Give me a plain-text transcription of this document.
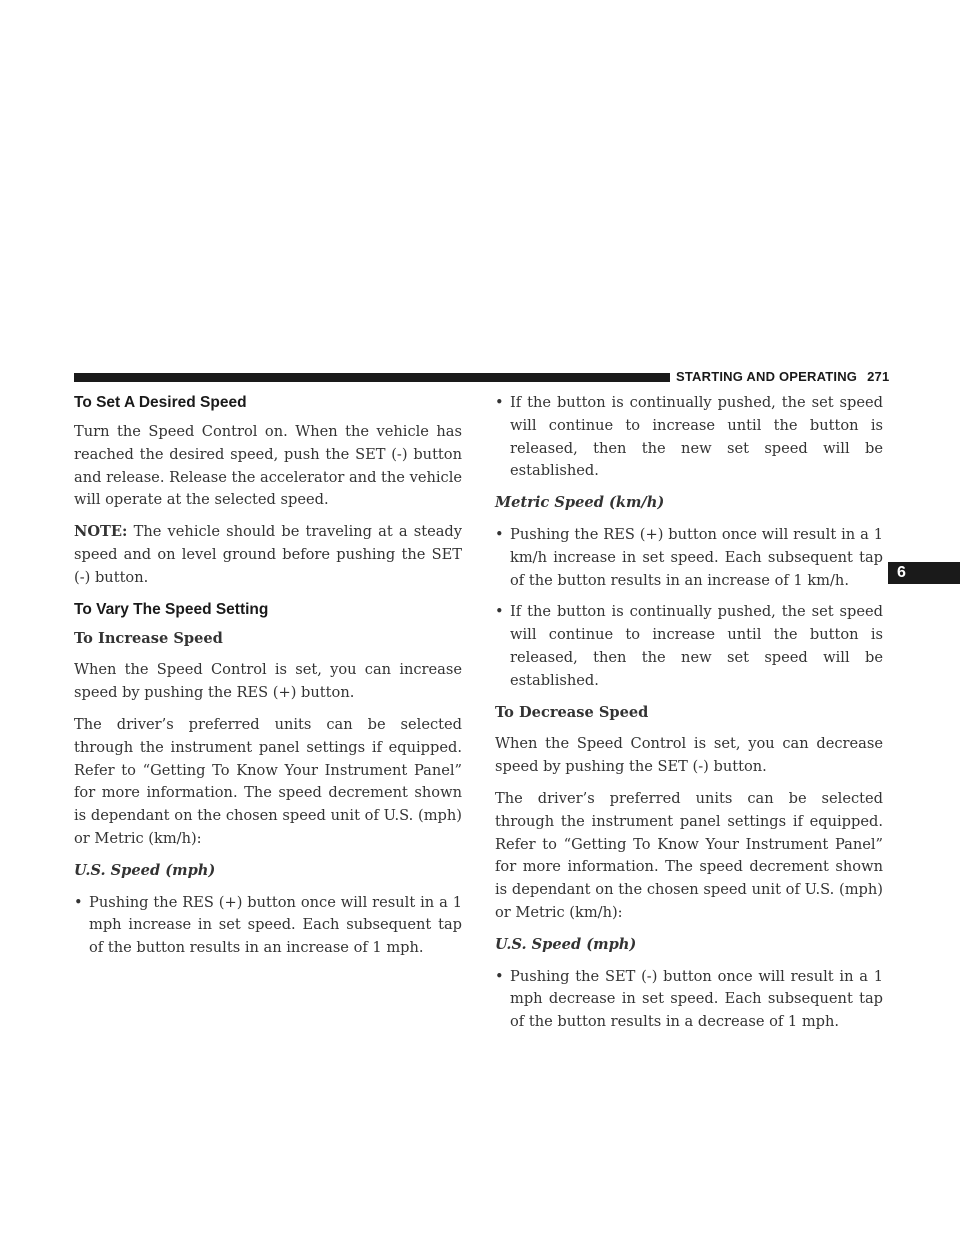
STARTING AND OPERATING 271
6
To Set A Desired Speed

Turn the Speed Control on. When the vehicle has reached the desired speed, push the SET (-) button and release. Release the accelerator and the vehicle will operate at the selected speed.

NOTE: The vehicle should be traveling at a steady speed and on level ground before pushing the SET (-) button.

To Vary The Speed Setting
To Increase Speed

When the Speed Control is set, you can increase speed by pushing the RES (+) button.

The driver’s preferred units can be selected through the instrument panel settings if equipped. Refer to “Getting To Know Your Instrument Panel” for more information. The speed decrement shown is dependant on the chosen speed unit of U.S. (mph) or Metric (km/h):

U.S. Speed (mph)
• Pushing the RES (+) button once will result in a 1 mph increase in set speed. Each subsequent tap of the button results in an increase of 1 mph.
• If the button is continually pushed, the set speed will continue to increase until the button is released, then the new set speed will be established.
Metric Speed (km/h)
• Pushing the RES (+) button once will result in a 1 km/h increase in set speed. Each subsequent tap of the button results in an increase of 1 km/h.
• If the button is continually pushed, the set speed will continue to increase until the button is released, then the new set speed will be established.
To Decrease Speed

When the Speed Control is set, you can decrease speed by pushing the SET (-) button.

The driver’s preferred units can be selected through the instrument panel settings if equipped. Refer to “Getting To Know Your Instrument Panel” for more information. The speed decrement shown is dependant on the chosen speed unit of U.S. (mph) or Metric (km/h):

U.S. Speed (mph)
• Pushing the SET (-) button once will result in a 1 mph decrease in set speed. Each subsequent tap of the button results in a decrease of 1 mph.
